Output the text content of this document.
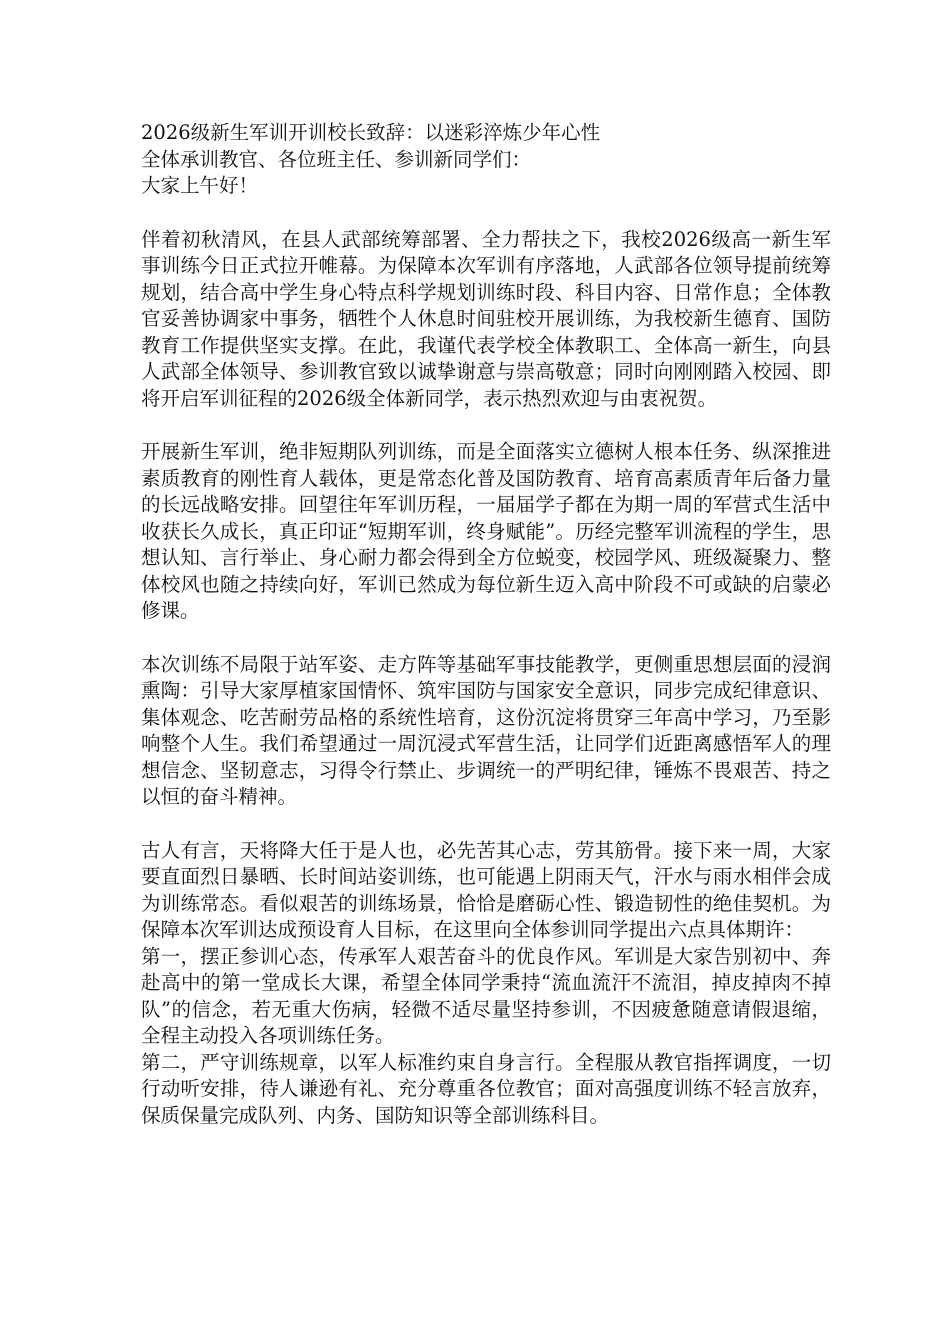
2026级新生军训开训校长致辞：以迷彩淬炼少年心性

全体承训教官、各位班主任、参训新同学们：

大家上午好！

伴着初秋清风，在县人武部统筹部署、全力帮扶之下，我校2026级高一新生军事训练今日正式拉开帷幕。为保障本次军训有序落地，人武部各位领导提前统筹规划，结合高中学生身心特点科学规划训练时段、科目内容、日常作息；全体教官妥善协调家中事务，牺牲个人休息时间驻校开展训练，为我校新生德育、国防教育工作提供坚实支撑。在此，我谨代表学校全体教职工、全体高一新生，向县人武部全体领导、参训教官致以诚挚谢意与崇高敬意；同时向刚刚踏入校园、即将开启军训征程的2026级全体新同学，表示热烈欢迎与由衷祝贺。

开展新生军训，绝非短期队列训练，而是全面落实立德树人根本任务、纵深推进素质教育的刚性育人载体，更是常态化普及国防教育、培育高素质青年后备力量的长远战略安排。回望往年军训历程，一届届学子都在为期一周的军营式生活中收获长久成长，真正印证“短期军训，终身赋能”。历经完整军训流程的学生，思想认知、言行举止、身心耐力都会得到全方位蜕变，校园学风、班级凝聚力、整体校风也随之持续向好，军训已然成为每位新生迈入高中阶段不可或缺的启蒙必修课。

本次训练不局限于站军姿、走方阵等基础军事技能教学，更侧重思想层面的浸润熏陶：引导大家厚植家国情怀、筑牢国防与国家安全意识，同步完成纪律意识、集体观念、吃苦耐劳品格的系统性培育，这份沉淀将贯穿三年高中学习，乃至影响整个人生。我们希望通过一周沉浸式军营生活，让同学们近距离感悟军人的理想信念、坚韧意志，习得令行禁止、步调统一的严明纪律，锤炼不畏艰苦、持之以恒的奋斗精神。

古人有言，天将降大任于是人也，必先苦其心志，劳其筋骨。接下来一周，大家要直面烈日暴晒、长时间站姿训练，也可能遇上阴雨天气，汗水与雨水相伴会成为训练常态。看似艰苦的训练场景，恰恰是磨砺心性、锻造韧性的绝佳契机。为保障本次军训达成预设育人目标，在这里向全体参训同学提出六点具体期许：

第一，摆正参训心态，传承军人艰苦奋斗的优良作风。军训是大家告别初中、奔赴高中的第一堂成长大课，希望全体同学秉持“流血流汗不流泪，掉皮掉肉不掉队”的信念，若无重大伤病，轻微不适尽量坚持参训，不因疲惫随意请假退缩，全程主动投入各项训练任务。

第二，严守训练规章，以军人标准约束自身言行。全程服从教官指挥调度，一切行动听安排，待人谦逊有礼、充分尊重各位教官；面对高强度训练不轻言放弃，保质保量完成队列、内务、国防知识等全部训练科目。
